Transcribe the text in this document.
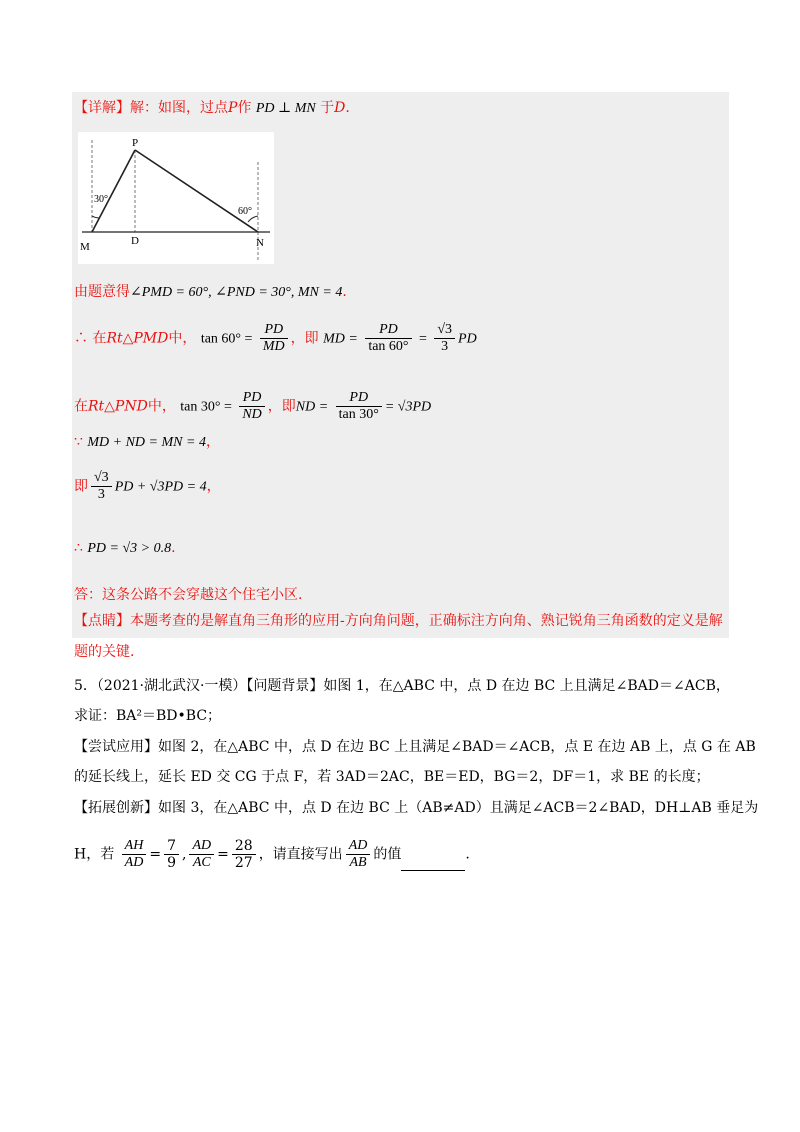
【详解】解：如图，过点P作 PD ⊥ MN 于D.
P
M	D	N
30°
60°
由题意得∠PMD = 60°, ∠PND = 30°, MN = 4.
∴ 在Rt△PMD中， $\tan 60^\circ = \frac{PD}{MD}$ ，即 MD = $\frac{PD}{\tan 60^\circ} = \frac{√3}{3}$ PD
在Rt△PND中， $\tan 30^\circ = \frac{PD}{ND}$ ，即ND = $\frac{PD}{\tan 30^\circ} = √3PD$
∵ MD + ND = MN = 4，
即 $\frac{√3}{3}$ PD + √3PD = 4，
∴ PD = √3 > 0.8.
答：这条公路不会穿越这个住宅小区.
【点睛】本题考查的是解直角三角形的应用-方向角问题，正确标注方向角、熟记锐角三角函数的定义是解
题的关键.
5．（2021·湖北武汉·一模）【问题背景】如图 1，在△ABC 中，点 D 在边 BC 上且满足∠BAD＝∠ACB，
求证：BA²＝BD•BC；
【尝试应用】如图 2，在△ABC 中，点 D 在边 BC 上且满足∠BAD＝∠ACB，点 E 在边 AB 上，点 G 在 AB
的延长线上，延长 ED 交 CG 于点 F，若 3AD＝2AC，BE＝ED，BG＝2，DF＝1，求 BE 的长度；
【拓展创新】如图 3，在△ABC 中，点 D 在边 BC 上（AB≠AD）且满足∠ACB＝2∠BAD，DH⊥AB 垂足为
H，若 $\frac{AH}{AD} = \frac{7}{9}$ , $\frac{AD}{AC} = \frac{28}{27}$ ，请直接写出 $\frac{AD}{AB}$ 的值	.
